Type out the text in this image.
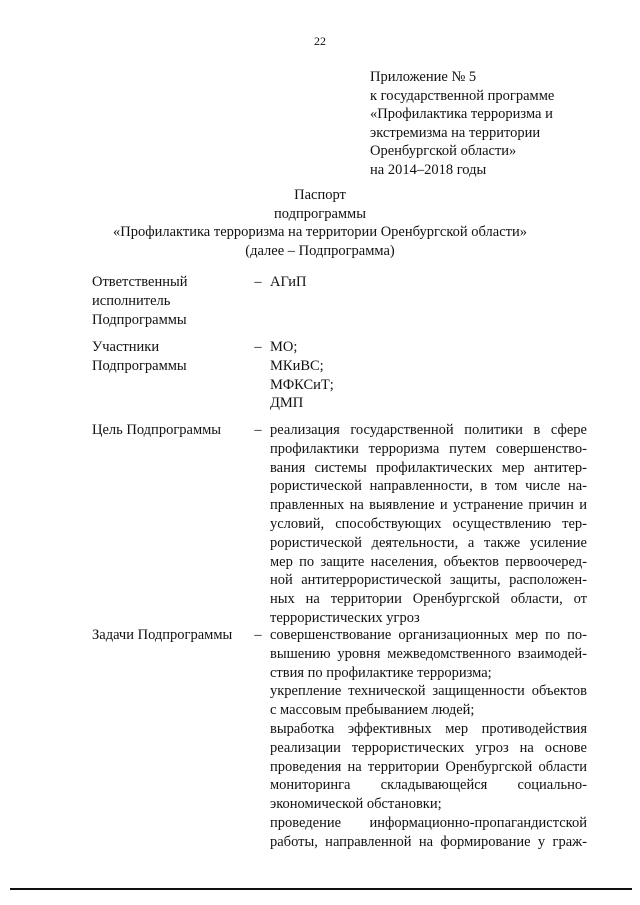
22
Приложение № 5
к государственной программе
«Профилактика терроризма и
экстремизма на территории
Оренбургской области»
на 2014–2018 годы
Паспорт
подпрограммы
«Профилактика терроризма на территории Оренбургской области»
(далее – Подпрограмма)
Ответственный
исполнитель
Подпрограммы
– АГиП
Участники
Подпрограммы
– МО;
МКиВС;
МФКСиТ;
ДМП
Цель Подпрограммы	– реализация государственной политики в сфере
профилактики терроризма путем совершенство-
вания системы профилактических мер антитер-
рористической направленности, в том числе на-
правленных на выявление и устранение причин и
условий, способствующих осуществлению тер-
рористической деятельности, а также усиление
мер по защите населения, объектов первоочеред-
ной антитеррористической защиты, расположен-
ных на территории Оренбургской области, от
террористических угроз
Задачи Подпрограммы	– совершенствование организационных мер по по-
вышению уровня межведомственного взаимодей-
ствия по профилактике терроризма;
укрепление технической защищенности объектов
с массовым пребыванием людей;
выработка эффективных мер противодействия
реализации террористических угроз на основе
проведения на территории Оренбургской области
мониторинга складывающейся социально-
экономической обстановки;
проведение информационно-пропагандистской
работы, направленной на формирование у граж-
